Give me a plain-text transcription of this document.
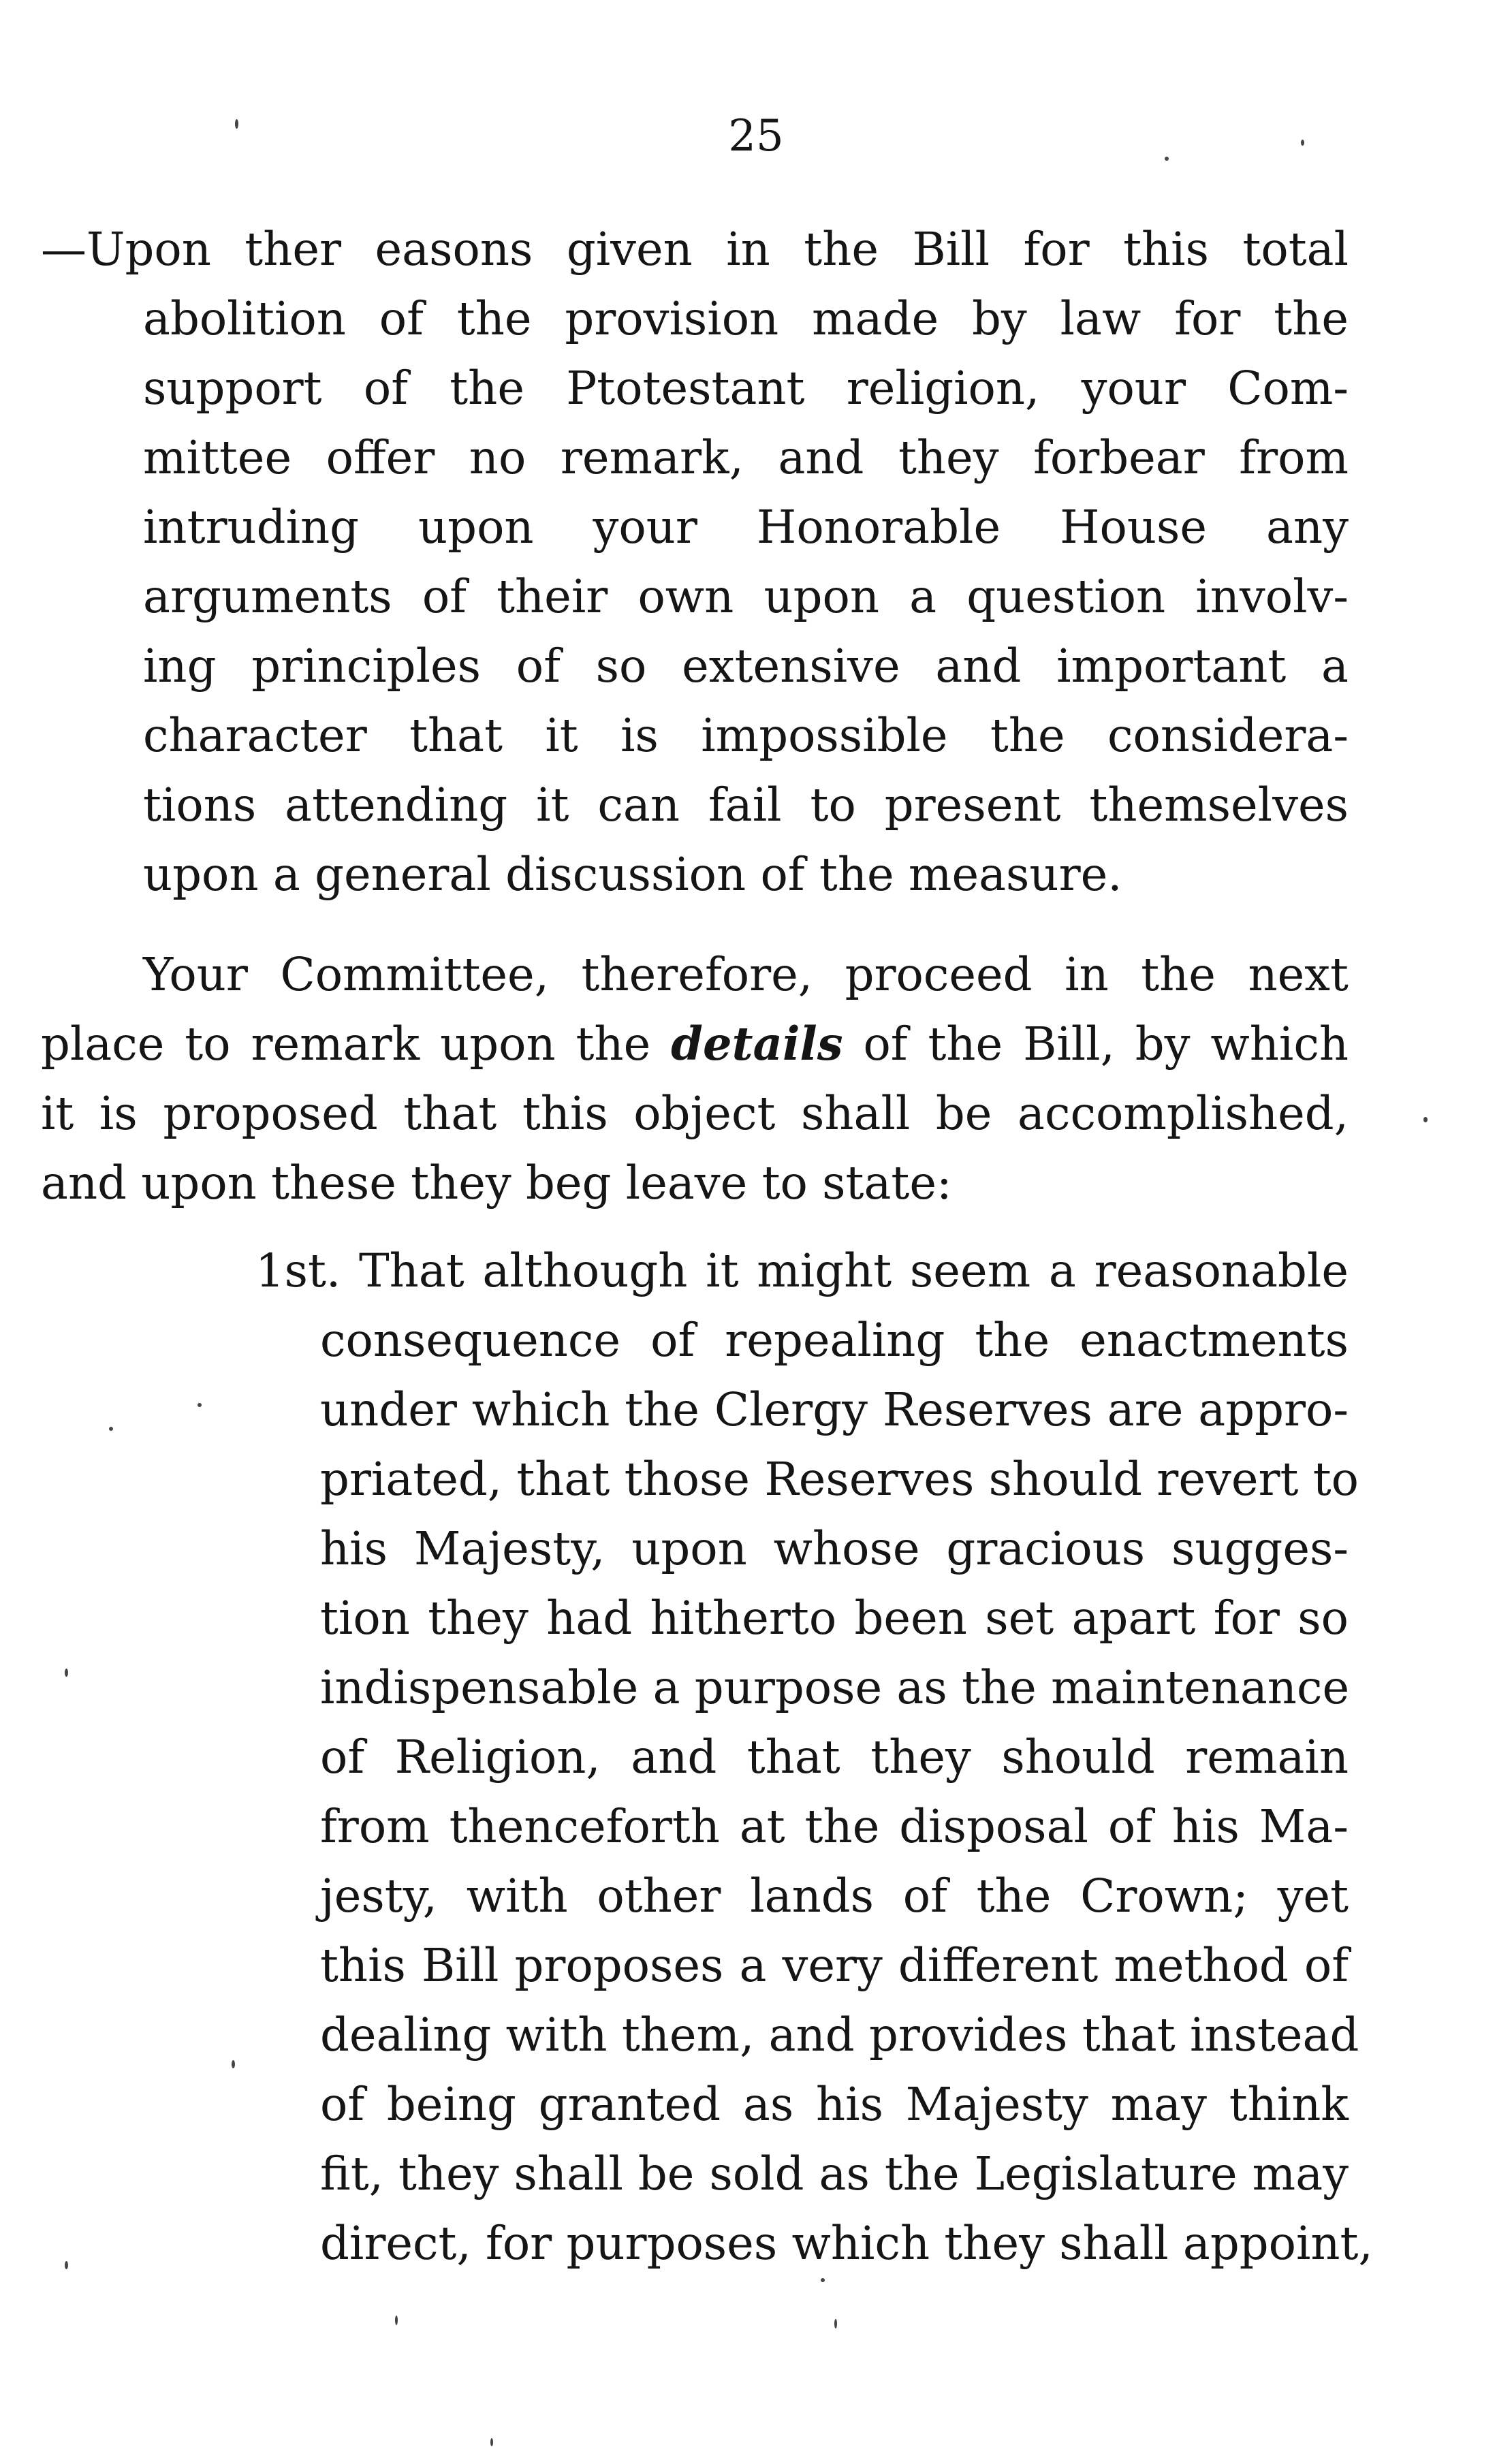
25
—Upon ther easons given in the Bill for this total
abolition of the provision made by law for the
support of the Ptotestant religion, your Com-
mittee offer no remark, and they forbear from
intruding upon your Honorable House any
arguments of their own upon a question involv-
ing principles of so extensive and important a
character that it is impossible the considera-
tions attending it can fail to present themselves
upon a general discussion of the measure.
Your Committee, therefore, proceed in the next
place to remark upon the details of the Bill, by which
it is proposed that this object shall be accomplished,
and upon these they beg leave to state:
1st. That although it might seem a reasonable
consequence of repealing the enactments
under which the Clergy Reserves are appro-
priated, that those Reserves should revert to
his Majesty, upon whose gracious sugges-
tion they had hitherto been set apart for so
indispensable a purpose as the maintenance
of Religion, and that they should remain
from thenceforth at the disposal of his Ma-
jesty, with other lands of the Crown; yet
this Bill proposes a very different method of
dealing with them, and provides that instead
of being granted as his Majesty may think
fit, they shall be sold as the Legislature may
direct, for purposes which they shall appoint,
